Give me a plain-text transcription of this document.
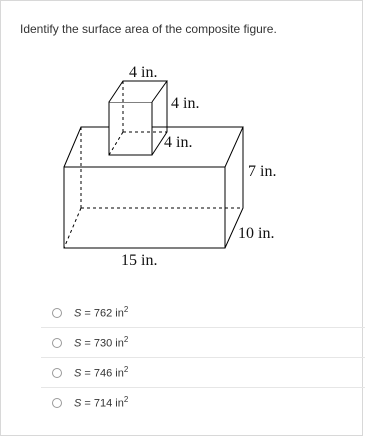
Identify the surface area of the composite figure.
4 in.
4 in.
4 in.
7 in.
10 in.
15 in.
S = 762 $in^2$
S = 730 $in^2$
S = 746 $in^2$
S = 714 $in^2$
